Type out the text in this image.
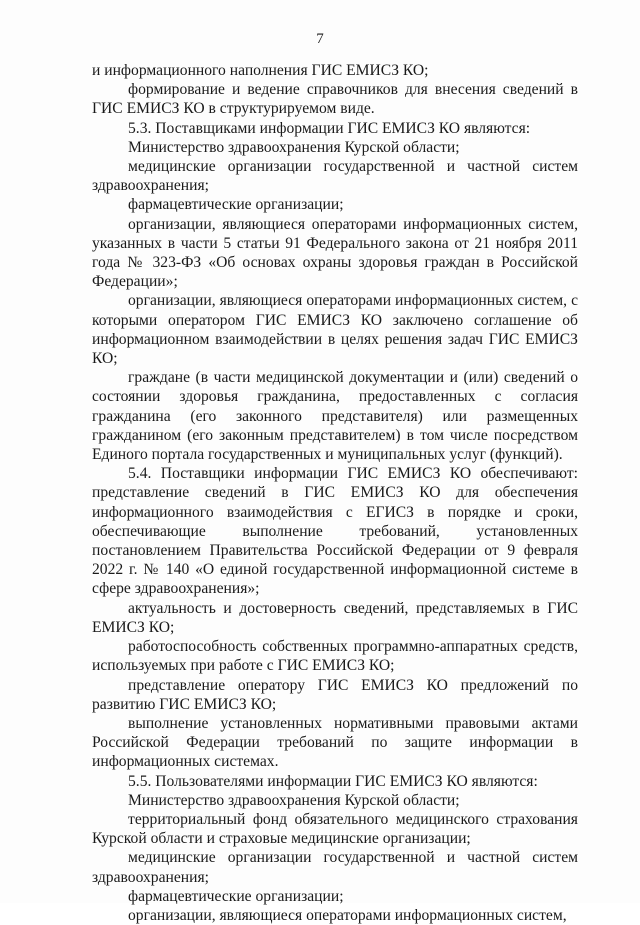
7

и информационного наполнения ГИС ЕМИСЗ КО;

формирование и ведение справочников для внесения сведений в ГИС ЕМИСЗ КО в структурируемом виде.

5.3. Поставщиками информации ГИС ЕМИСЗ КО являются:

Министерство здравоохранения Курской области;

медицинские организации государственной и частной систем здравоохранения;

фармацевтические организации;

организации, являющиеся операторами информационных систем, указанных в части 5 статьи 91 Федерального закона от 21 ноября 2011 года № 323-ФЗ «Об основах охраны здоровья граждан в Российской Федерации»;

организации, являющиеся операторами информационных систем, с которыми оператором ГИС ЕМИСЗ КО заключено соглашение об информационном взаимодействии в целях решения задач ГИС ЕМИСЗ КО;

граждане (в части медицинской документации и (или) сведений о состоянии здоровья гражданина, предоставленных с согласия гражданина (его законного представителя) или размещенных гражданином (его законным представителем) в том числе посредством Единого портала государственных и муниципальных услуг (функций).

5.4. Поставщики информации ГИС ЕМИСЗ КО обеспечивают: представление сведений в ГИС ЕМИСЗ КО для обеспечения информационного взаимодействия с ЕГИСЗ в порядке и сроки, обеспечивающие выполнение требований, установленных постановлением Правительства Российской Федерации от 9 февраля 2022 г. № 140 «О единой государственной информационной системе в сфере здравоохранения»;

актуальность и достоверность сведений, представляемых в ГИС ЕМИСЗ КО;

работоспособность собственных программно-аппаратных средств, используемых при работе с ГИС ЕМИСЗ КО;

представление оператору ГИС ЕМИСЗ КО предложений по развитию ГИС ЕМИСЗ КО;

выполнение установленных нормативными правовыми актами Российской Федерации требований по защите информации в информационных системах.

5.5. Пользователями информации ГИС ЕМИСЗ КО являются:

Министерство здравоохранения Курской области;

территориальный фонд обязательного медицинского страхования Курской области и страховые медицинские организации;

медицинские организации государственной и частной систем здравоохранения;

фармацевтические организации;

организации, являющиеся операторами информационных систем,
